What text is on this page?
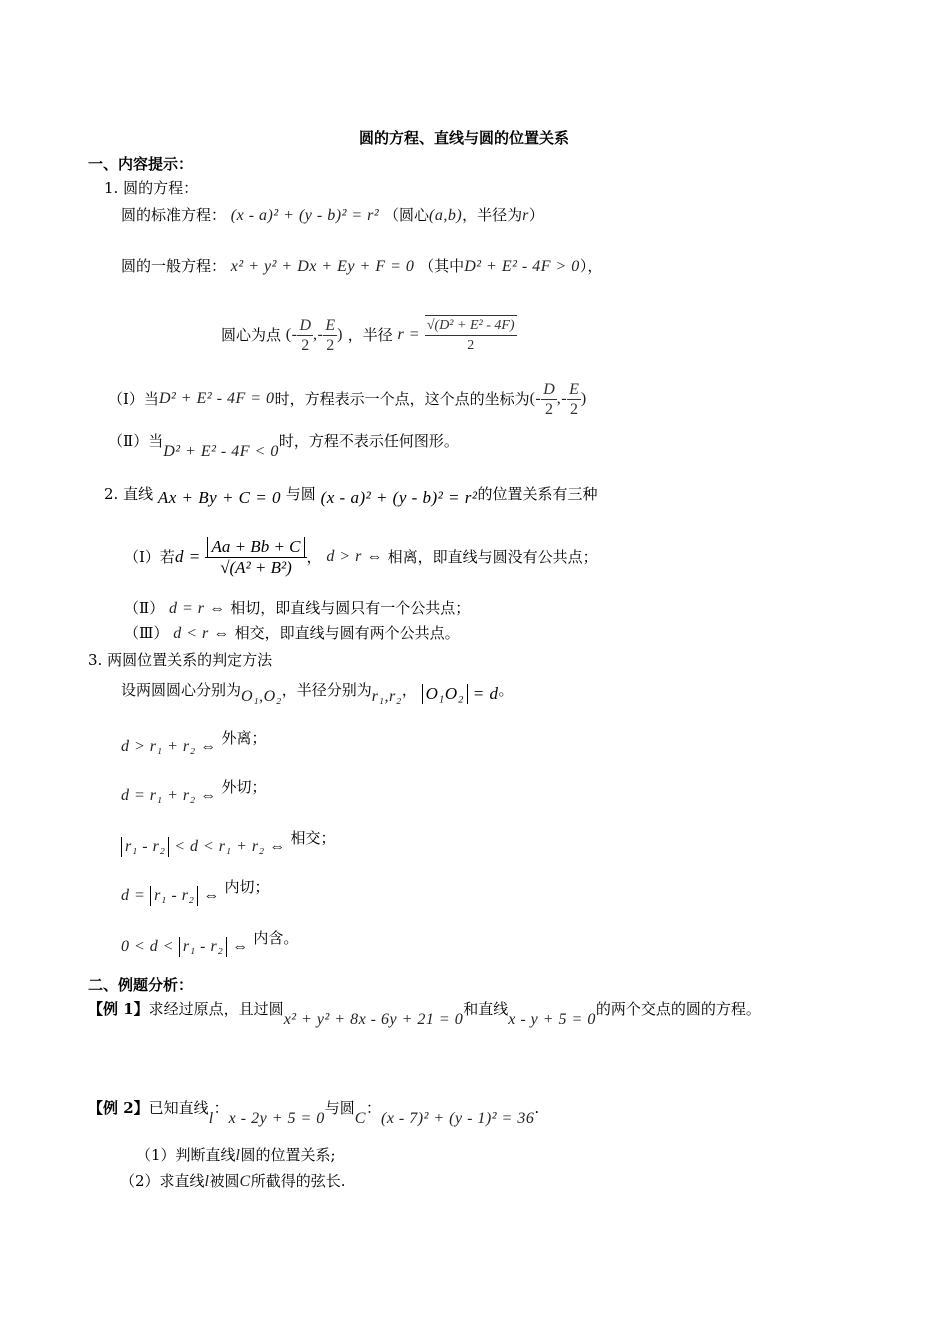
圆的方程、直线与圆的位置关系
一、内容提示：
1. 圆的方程：
圆的标准方程： (x - a)² + (y - b)² = r² （圆心(a,b)，半径为r）
圆的一般方程： x² + y² + Dx + Ey + F = 0 （其中D² + E² - 4F > 0），
圆心为点 (- $\frac{D}{2}$ ,- $\frac{E}{2}$ ) ，半径 $r = \frac{\text{√(D² + E² - 4F)}}{2}$
（Ⅰ）当D² + E² - 4F = 0时，方程表示一个点，这个点的坐标为(- $\frac{D}{2}$ ,- $\frac{E}{2}$ )
（Ⅱ）当D² + E² - 4F < 0时，方程不表示任何图形。
2. 直线 Ax + By + C = 0 与圆 (x - a)² + (y - b)² = r²的位置关系有三种
（Ⅰ）若$d = \frac{Aa + Bb + C}{\text{√(A² + B²)}}$ ， d > r ⇔ 相离，即直线与圆没有公共点；
（Ⅱ） d = r ⇔ 相切，即直线与圆只有一个公共点；
（Ⅲ） d < r ⇔ 相交，即直线与圆有两个公共点。
3. 两圆位置关系的判定方法
设两圆圆心分别为O₁,O₂，半径分别为r₁,r₂， O₁O₂ = d。
d > r₁ + r₂ ⇔ 外离；
d = r₁ + r₂ ⇔ 外切；
r₁ - r₂ < d < r₁ + r₂ ⇔ 相交；
d = r₁ - r₂ ⇔ 内切；
0 < d < r₁ - r₂ ⇔ 内含。
二、例题分析：
【例 1】求经过原点，且过圆x² + y² + 8x - 6y + 21 = 0和直线x - y + 5 = 0的两个交点的圆的方程。
【例 2】已知直线l：x - 2y + 5 = 0与圆C：(x - 7)² + (y - 1)² = 36.
（1）判断直线l圆的位置关系;
（2）求直线l被圆C所截得的弦长.
